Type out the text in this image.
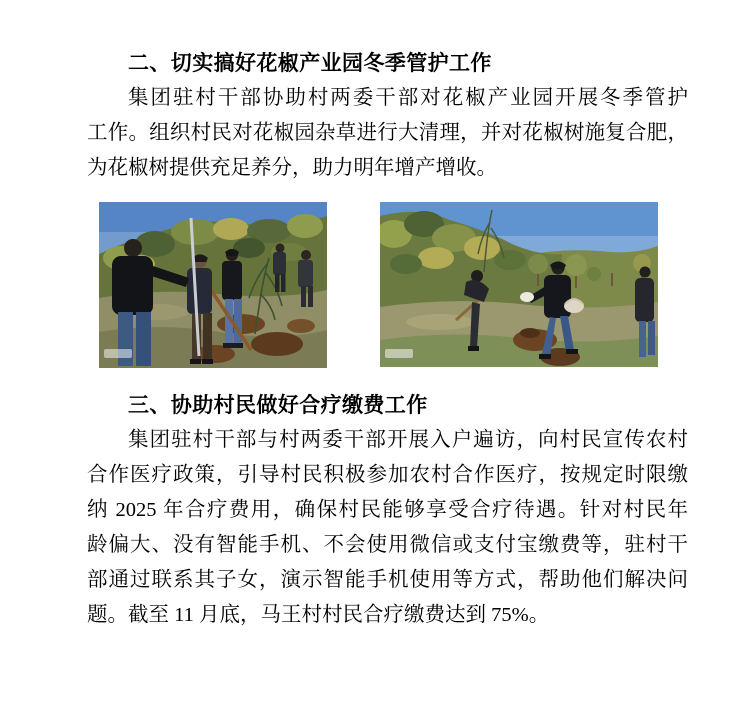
二、切实搞好花椒产业园冬季管护工作
集团驻村干部协助村两委干部对花椒产业园开展冬季管护
工作。组织村民对花椒园杂草进行大清理，并对花椒树施复合肥，
为花椒树提供充足养分，助力明年增产增收。
三、协助村民做好合疗缴费工作
集团驻村干部与村两委干部开展入户遍访，向村民宣传农村
合作医疗政策，引导村民积极参加农村合作医疗，按规定时限缴
纳 2025 年合疗费用，确保村民能够享受合疗待遇。针对村民年
龄偏大、没有智能手机、不会使用微信或支付宝缴费等，驻村干
部通过联系其子女，演示智能手机使用等方式，帮助他们解决问
题。截至 11 月底，马王村村民合疗缴费达到 75%。
